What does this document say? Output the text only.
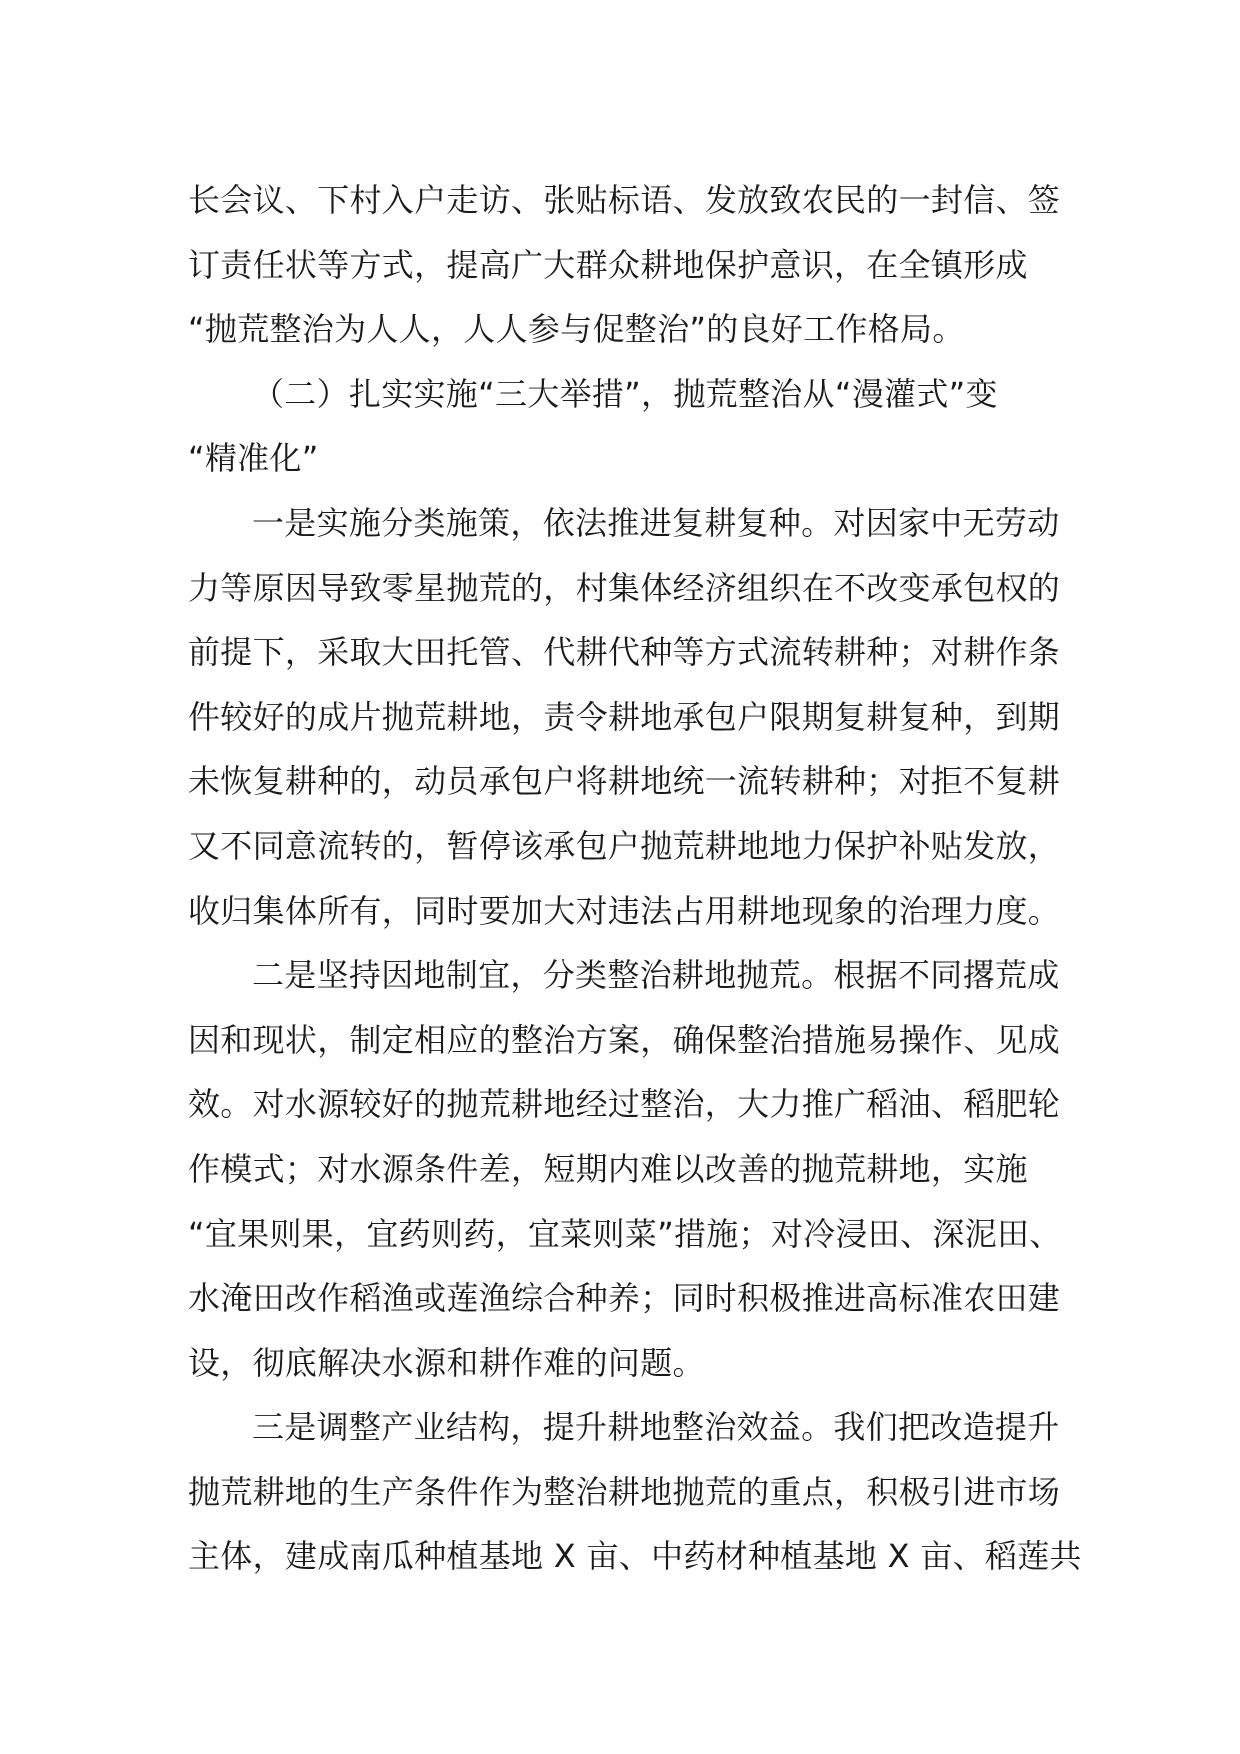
长会议、下村入户走访、张贴标语、发放致农民的一封信、签
订责任状等方式，提高广大群众耕地保护意识，在全镇形成
“抛荒整治为人人，人人参与促整治”的良好工作格局。
（二）扎实实施“三大举措”，抛荒整治从“漫灌式”变
“精准化”
一是实施分类施策，依法推进复耕复种。对因家中无劳动
力等原因导致零星抛荒的，村集体经济组织在不改变承包权的
前提下，采取大田托管、代耕代种等方式流转耕种；对耕作条
件较好的成片抛荒耕地，责令耕地承包户限期复耕复种，到期
未恢复耕种的，动员承包户将耕地统一流转耕种；对拒不复耕
又不同意流转的，暂停该承包户抛荒耕地地力保护补贴发放，
收归集体所有，同时要加大对违法占用耕地现象的治理力度。
二是坚持因地制宜，分类整治耕地抛荒。根据不同撂荒成
因和现状，制定相应的整治方案，确保整治措施易操作、见成
效。对水源较好的抛荒耕地经过整治，大力推广稻油、稻肥轮
作模式；对水源条件差，短期内难以改善的抛荒耕地，实施
“宜果则果，宜药则药，宜菜则菜”措施；对冷浸田、深泥田、
水淹田改作稻渔或莲渔综合种养；同时积极推进高标准农田建
设，彻底解决水源和耕作难的问题。
三是调整产业结构，提升耕地整治效益。我们把改造提升
抛荒耕地的生产条件作为整治耕地抛荒的重点，积极引进市场
主体，建成南瓜种植基地 X 亩、中药材种植基地 X 亩、稻莲共
